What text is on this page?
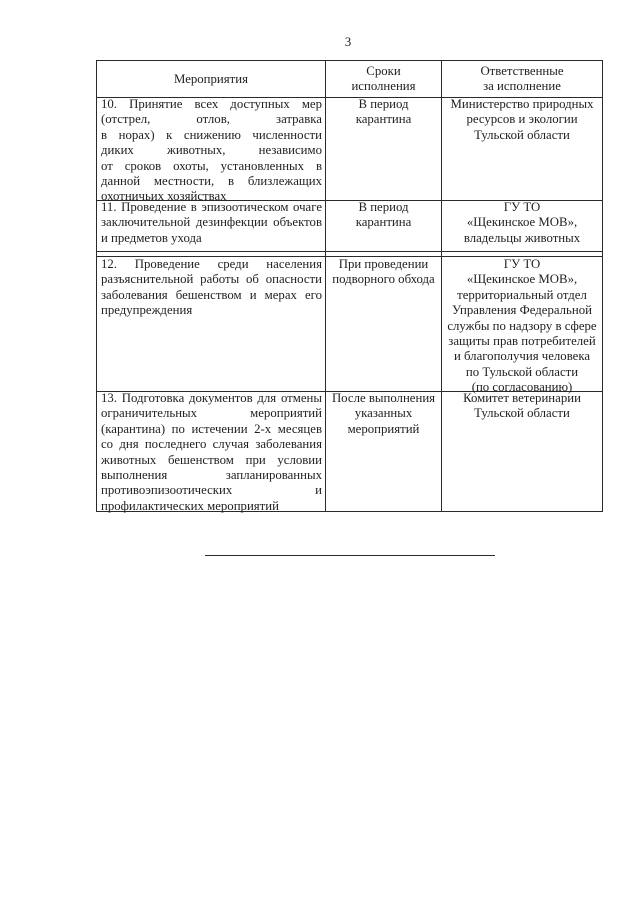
3
Мероприятия
Сроки
исполнения
Ответственные
за исполнение
10. Принятие всех доступных мер
(отстрел, отлов, затравка
в норах) к снижению численности
диких животных, независимо
от сроков охоты, установленных в
данной местности, в близлежащих
охотничьих хозяйствах
В период
карантина
Министерство природных
ресурсов и экологии
Тульской области
11. Проведение в эпизоотическом очаге
заключительной дезинфекции объектов
и предметов ухода
В период
карантина
ГУ ТО
«Щекинское МОВ»,
владельцы животных
12. Проведение среди населения
разъяснительной работы об опасности
заболевания бешенством и мерах его
предупреждения
При проведении
подворного обхода
ГУ ТО
«Щекинское МОВ»,
территориальный отдел
Управления Федеральной
службы по надзору в сфере
защиты прав потребителей
и благополучия человека
по Тульской области
(по согласованию)
13. Подготовка документов для отмены
ограничительных мероприятий
(карантина) по истечении 2-х месяцев
со дня последнего случая заболевания
животных бешенством при условии
выполнения запланированных
противоэпизоотических и
профилактических мероприятий
После выполнения
указанных
мероприятий
Комитет ветеринарии
Тульской области
